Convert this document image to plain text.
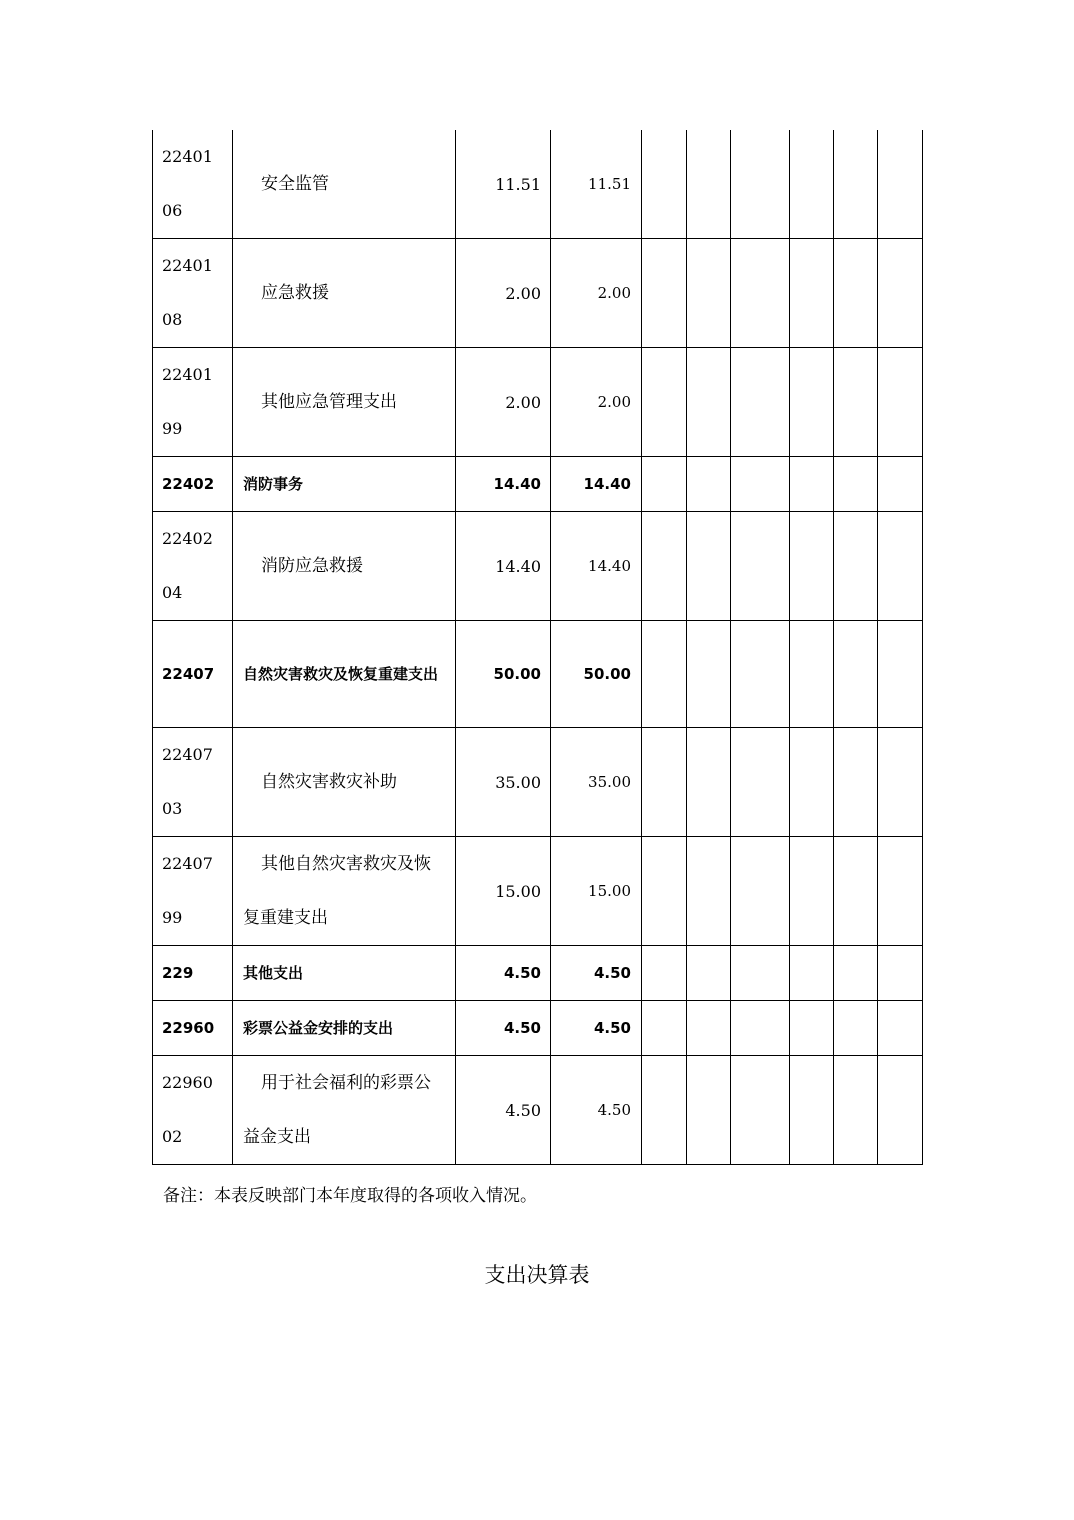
2240106	安全监管	11.51	11.51						

2240108	应急救援	2.00	2.00						

2240199	其他应急管理支出	2.00	2.00						
22402	消防事务	14.40	14.40						

2240204	消防应急救援	14.40	14.40						
22407	自然灾害救灾及恢复重建支出	50.00	50.00						

2240703	自然灾害救灾补助	35.00	35.00						

2240799	其他自然灾害救灾及恢复重建支出	15.00	15.00						
229	其他支出	4.50	4.50						
22960	彩票公益金安排的支出	4.50	4.50						

2296002	用于社会福利的彩票公益金支出	4.50	4.50						
备注：本表反映部门本年度取得的各项收入情况。
支出决算表
